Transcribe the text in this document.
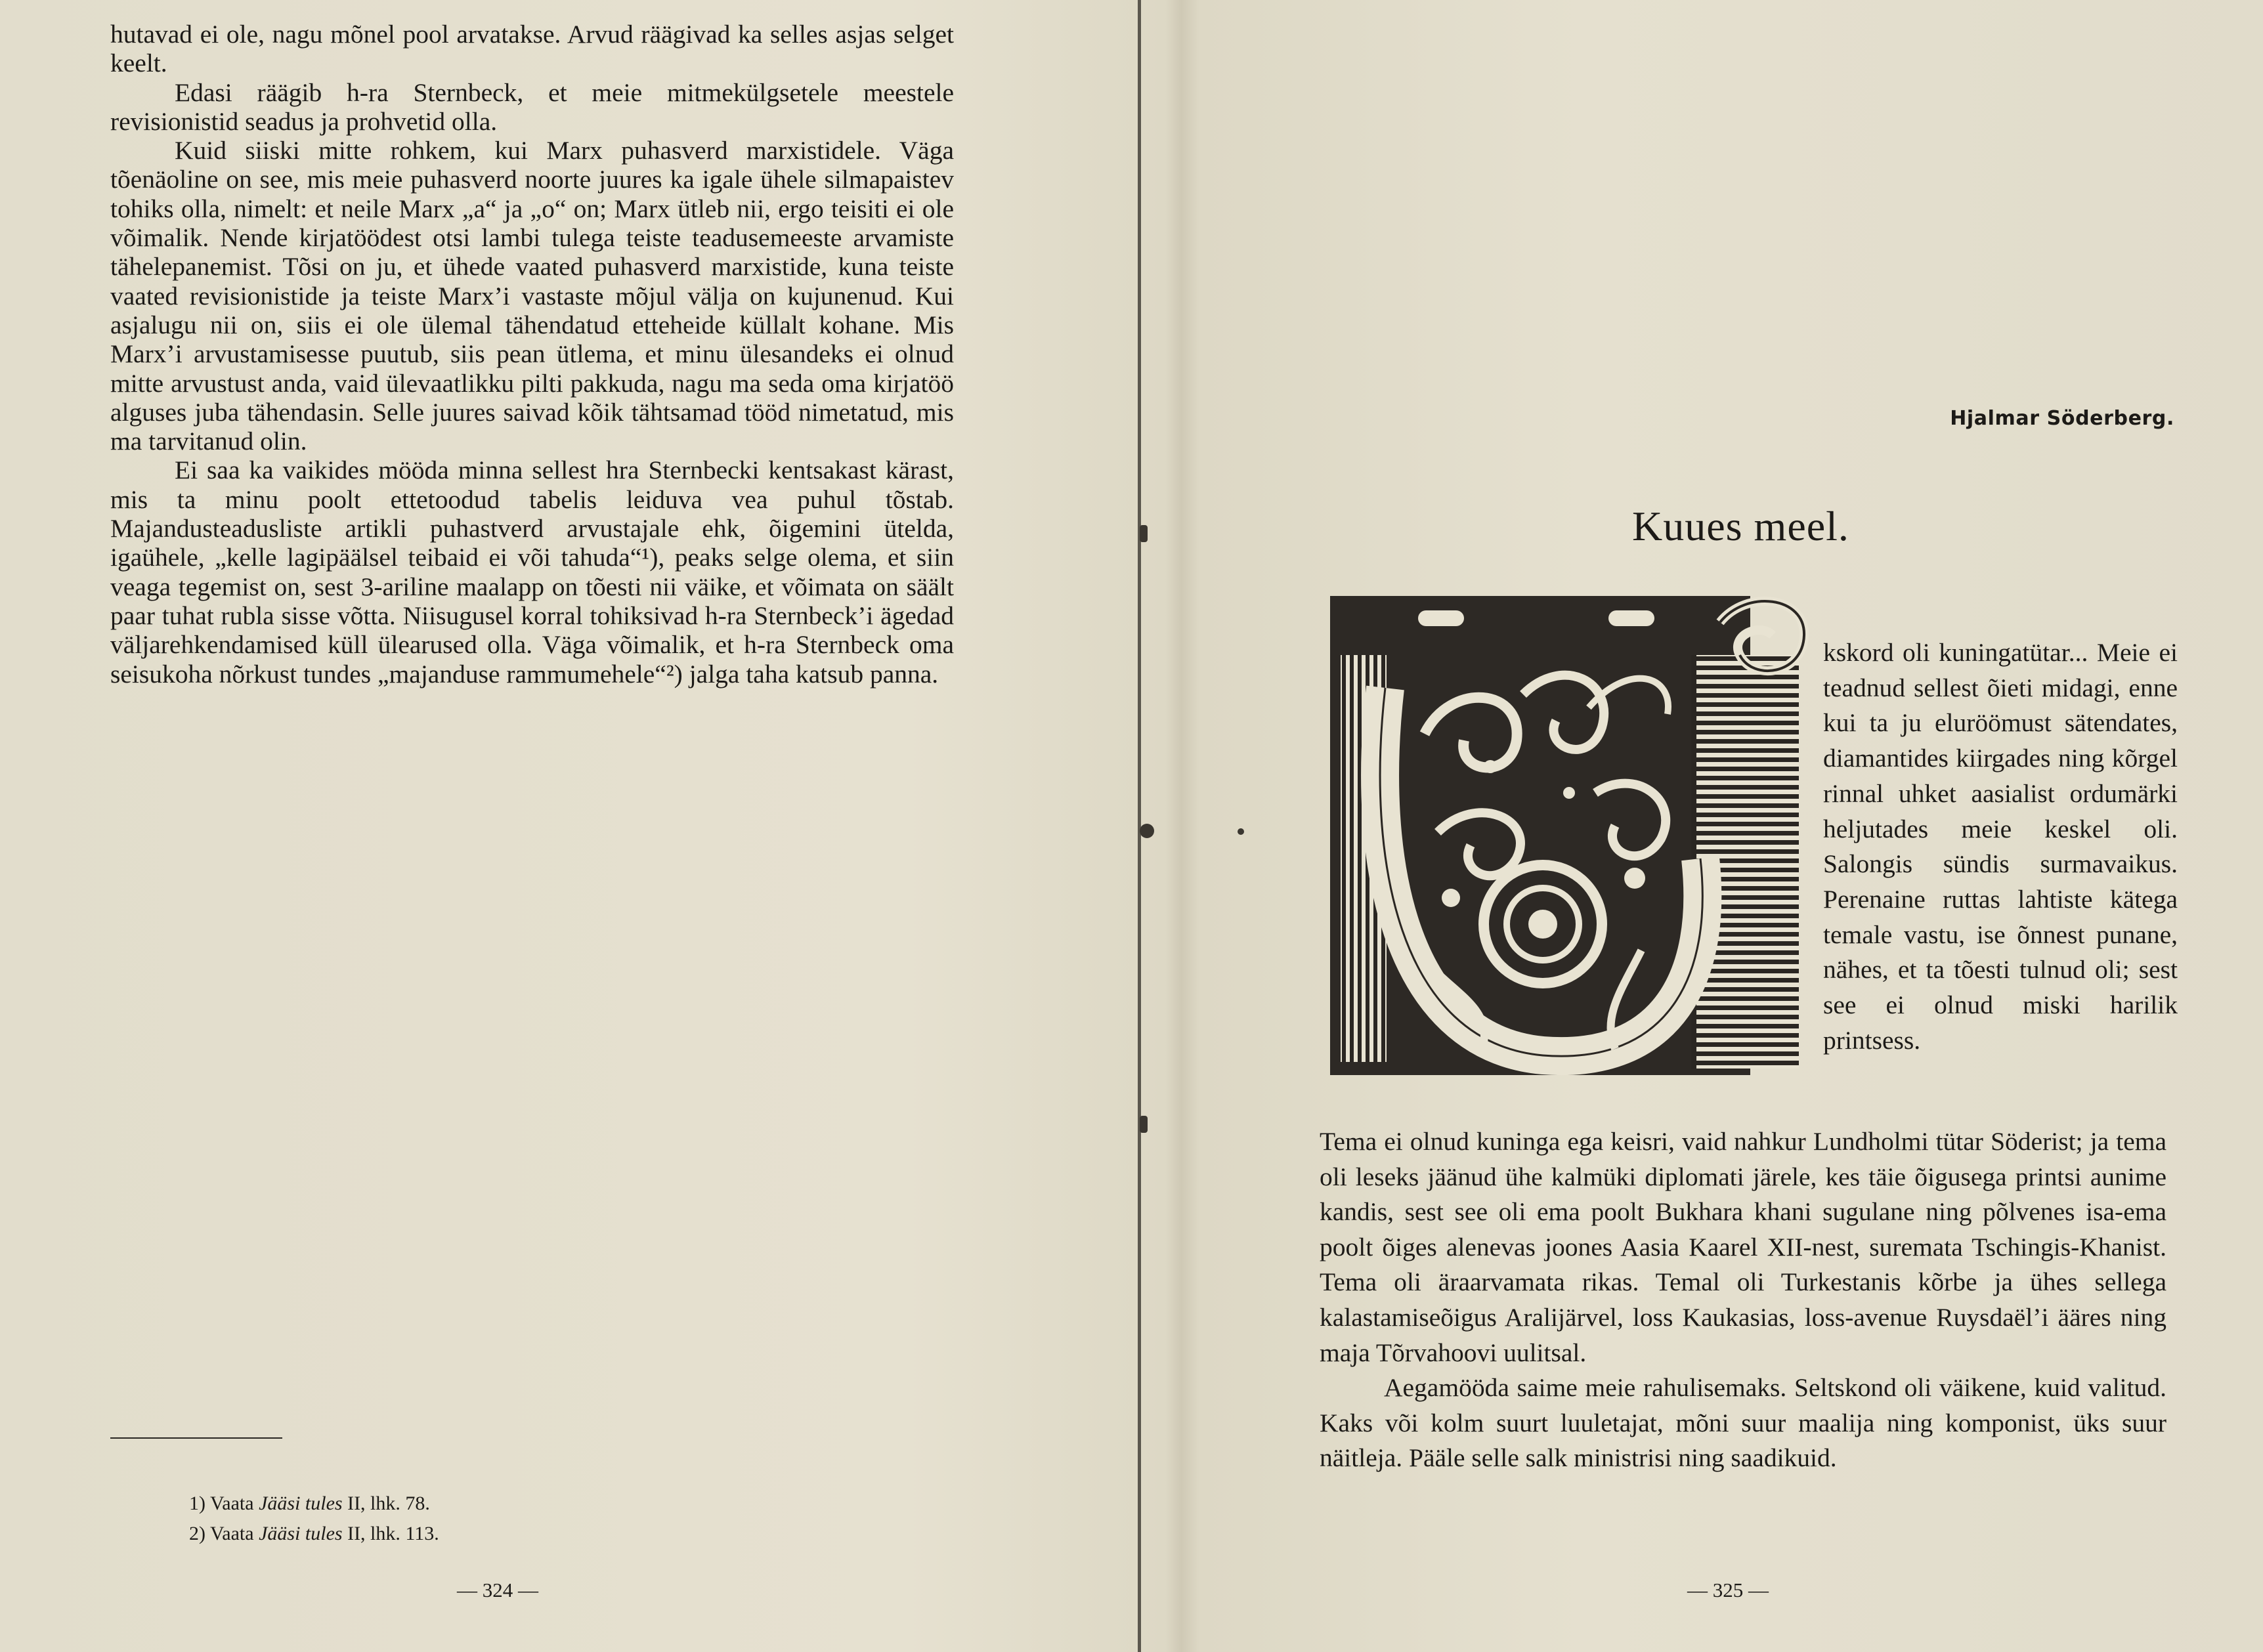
hutavad ei ole, nagu mõnel pool arvatakse. Arvud räägivad ka selles asjas selget keelt.

Edasi räägib h-ra Sternbeck, et meie mitmekülgsetele meestele revisionistid seadus ja prohvetid olla.

Kuid siiski mitte rohkem, kui Marx puhasverd marxistidele. Väga tõenäoline on see, mis meie puhasverd noorte juures ka igale ühele silmapaistev tohiks olla, nimelt: et neile Marx „a“ ja „o“ on; Marx ütleb nii, ergo teisiti ei ole võimalik. Nende kirjatöödest otsi lambi tulega teiste teadusemeeste arvamiste tähelepanemist. Tõsi on ju, et ühede vaated puhasverd marxistide, kuna teiste vaated revisionistide ja teiste Marx’i vastaste mõjul välja on kujunenud. Kui asjalugu nii on, siis ei ole ülemal tähendatud etteheide küllalt kohane. Mis Marx’i arvustamisesse puutub, siis pean ütlema, et minu ülesandeks ei olnud mitte arvustust anda, vaid ülevaatlikku pilti pakkuda, nagu ma seda oma kirjatöö alguses juba tähendasin. Selle juures saivad kõik tähtsamad tööd nimetatud, mis ma tarvitanud olin.

Ei saa ka vaikides mööda minna sellest hra Sternbecki kentsakast kärast, mis ta minu poolt ettetoodud tabelis leiduva vea puhul tõstab. Majandusteadusliste artikli puhastverd arvustajale ehk, õigemini ütelda, igaühele, „kelle lagipäälsel teibaid ei või tahuda“¹), peaks selge olema, et siin veaga tegemist on, sest 3-ariline maalapp on tõesti nii väike, et võimata on säält paar tuhat rubla sisse võtta. Niisugusel korral tohiksivad h-ra Sternbeck’i ägedad väljarehkendamised küll ülearused olla. Väga võimalik, et h-ra Sternbeck oma seisukoha nõrkust tundes „majanduse rammumehele“²) jalga taha katsub panna.

1) Vaata Jääsi tules II, lhk. 78.
2) Vaata Jääsi tules II, lhk. 113.
— 324 —
Hjalmar Söderberg.
Kuues meel.

kskord oli kuningatütar... Meie ei teadnud sellest õieti midagi, enne kui ta ju eluröömust sätendates, diamantides kiirgades ning kõrgel rinnal uhket aasialist ordumärki heljutades meie keskel oli. Salongis sündis surmavaikus. Perenaine ruttas lahtiste kätega temale vastu, ise õnnest punane, nähes, et ta tõesti tulnud oli; sest see ei olnud miski harilik printsess.

Tema ei olnud kuninga ega keisri, vaid nahkur Lundholmi tütar Söderist; ja tema oli leseks jäänud ühe kalmüki diplomati järele, kes täie õigusega printsi aunime kandis, sest see oli ema poolt Bukhara khani sugulane ning põlvenes isa-ema poolt õiges alenevas joones Aasia Kaarel XII-nest, suremata Tschingis-Khanist. Tema oli äraarvamata rikas. Temal oli Turkestanis kõrbe ja ühes sellega kalastamiseõigus Aralijärvel, loss Kaukasias, loss-avenue Ruysdaël’i ääres ning maja Tõrvahoovi uulitsal.

Aegamööda saime meie rahulisemaks. Seltskond oli väikene, kuid valitud. Kaks või kolm suurt luuletajat, mõni suur maalija ning komponist, üks suur näitleja. Pääle selle salk ministrisi ning saadikuid.

— 325 —
